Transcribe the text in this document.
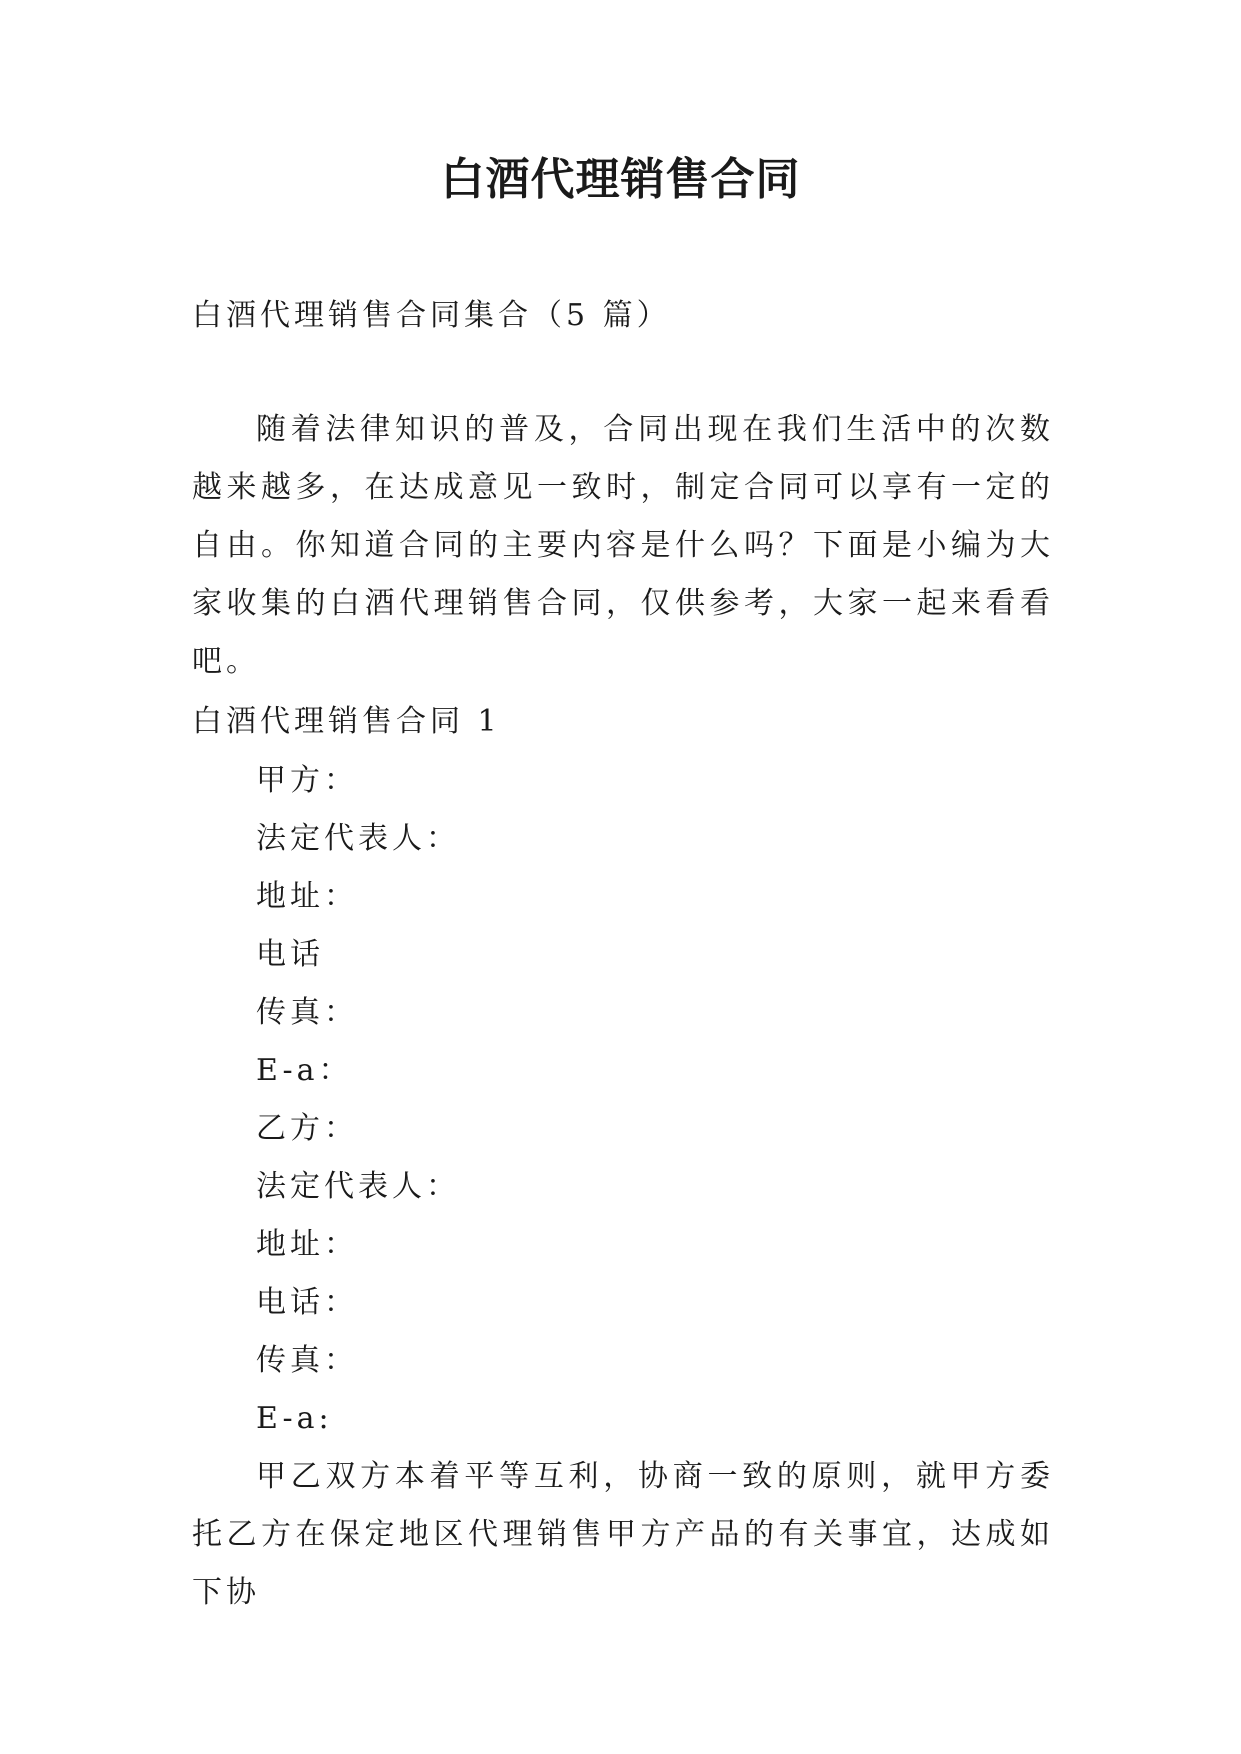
白酒代理销售合同

白酒代理销售合同集合（5 篇）

随着法律知识的普及，合同出现在我们生活中的次数越来越多，在达成意见一致时，制定合同可以享有一定的自由。你知道合同的主要内容是什么吗？下面是小编为大家收集的白酒代理销售合同，仅供参考，大家一起来看看吧。

白酒代理销售合同 1

甲方：
法定代表人：
地址：
电话
传真：
E-a：
乙方：
法定代表人：
地址：
电话：
传真：
E-a:

甲乙双方本着平等互利，协商一致的原则，就甲方委托乙方在保定地区代理销售甲方产品的有关事宜，达成如下协
